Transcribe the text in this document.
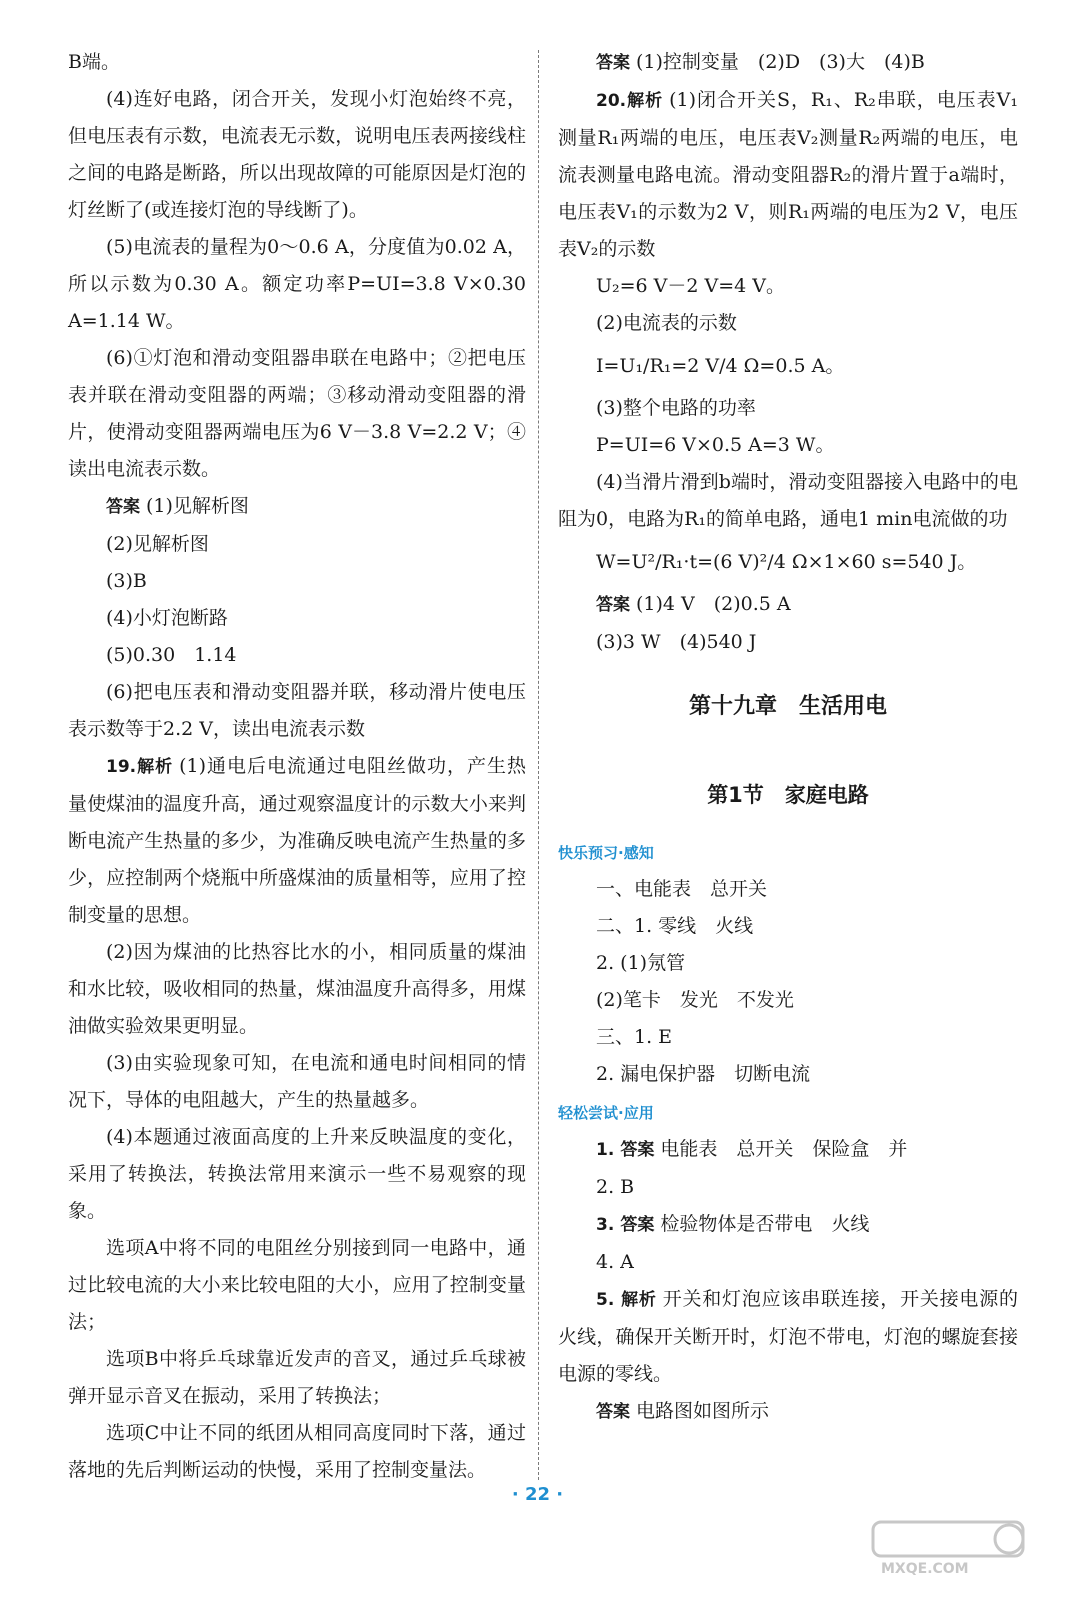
B端。

(4)连好电路，闭合开关，发现小灯泡始终不亮，但电压表有示数，电流表无示数，说明电压表两接线柱之间的电路是断路，所以出现故障的可能原因是灯泡的灯丝断了(或连接灯泡的导线断了)。

(5)电流表的量程为0～0.6 A，分度值为0.02 A，所以示数为0.30 A。额定功率P=UI=3.8 V×0.30 A=1.14 W。

(6)①灯泡和滑动变阻器串联在电路中；②把电压表并联在滑动变阻器的两端；③移动滑动变阻器的滑片，使滑动变阻器两端电压为6 V－3.8 V=2.2 V；④读出电流表示数。

答案 (1)见解析图

(2)见解析图

(3)B

(4)小灯泡断路

(5)0.30　1.14

(6)把电压表和滑动变阻器并联，移动滑片使电压表示数等于2.2 V，读出电流表示数

19.解析 (1)通电后电流通过电阻丝做功，产生热量使煤油的温度升高，通过观察温度计的示数大小来判断电流产生热量的多少，为准确反映电流产生热量的多少，应控制两个烧瓶中所盛煤油的质量相等，应用了控制变量的思想。

(2)因为煤油的比热容比水的小，相同质量的煤油和水比较，吸收相同的热量，煤油温度升高得多，用煤油做实验效果更明显。

(3)由实验现象可知，在电流和通电时间相同的情况下，导体的电阻越大，产生的热量越多。

(4)本题通过液面高度的上升来反映温度的变化，采用了转换法，转换法常用来演示一些不易观察的现象。

选项A中将不同的电阻丝分别接到同一电路中，通过比较电流的大小来比较电阻的大小，应用了控制变量法；

选项B中将乒乓球靠近发声的音叉，通过乒乓球被弹开显示音叉在振动，采用了转换法；

选项C中让不同的纸团从相同高度同时下落，通过落地的先后判断运动的快慢，采用了控制变量法。

答案 (1)控制变量　(2)D　(3)大　(4)B

20.解析 (1)闭合开关S，R₁、R₂串联，电压表V₁测量R₁两端的电压，电压表V₂测量R₂两端的电压，电流表测量电路电流。滑动变阻器R₂的滑片置于a端时，电压表V₁的示数为2 V，则R₁两端的电压为2 V，电压表V₂的示数

U₂=6 V－2 V=4 V。

(2)电流表的示数

I=U₁/R₁=2 V/4 Ω=0.5 A。

(3)整个电路的功率

P=UI=6 V×0.5 A=3 W。

(4)当滑片滑到b端时，滑动变阻器接入电路中的电阻为0，电路为R₁的简单电路，通电1 min电流做的功

W=U²/R₁·t=(6 V)²/4 Ω×1×60 s=540 J。

答案 (1)4 V　(2)0.5 A

(3)3 W　(4)540 J

第十九章　生活用电
第1节　家庭电路
快乐预习·感知

一、电能表　总开关

二、1. 零线　火线

2. (1)氖管

(2)笔卡　发光　不发光

三、1. E

2. 漏电保护器　切断电流

轻松尝试·应用

1. 答案 电能表　总开关　保险盒　并

2. B

3. 答案 检验物体是否带电　火线

4. A

5. 解析 开关和灯泡应该串联连接，开关接电源的火线，确保开关断开时，灯泡不带电，灯泡的螺旋套接电源的零线。

答案 电路图如图所示

· 22 ·
MXQE.COM
